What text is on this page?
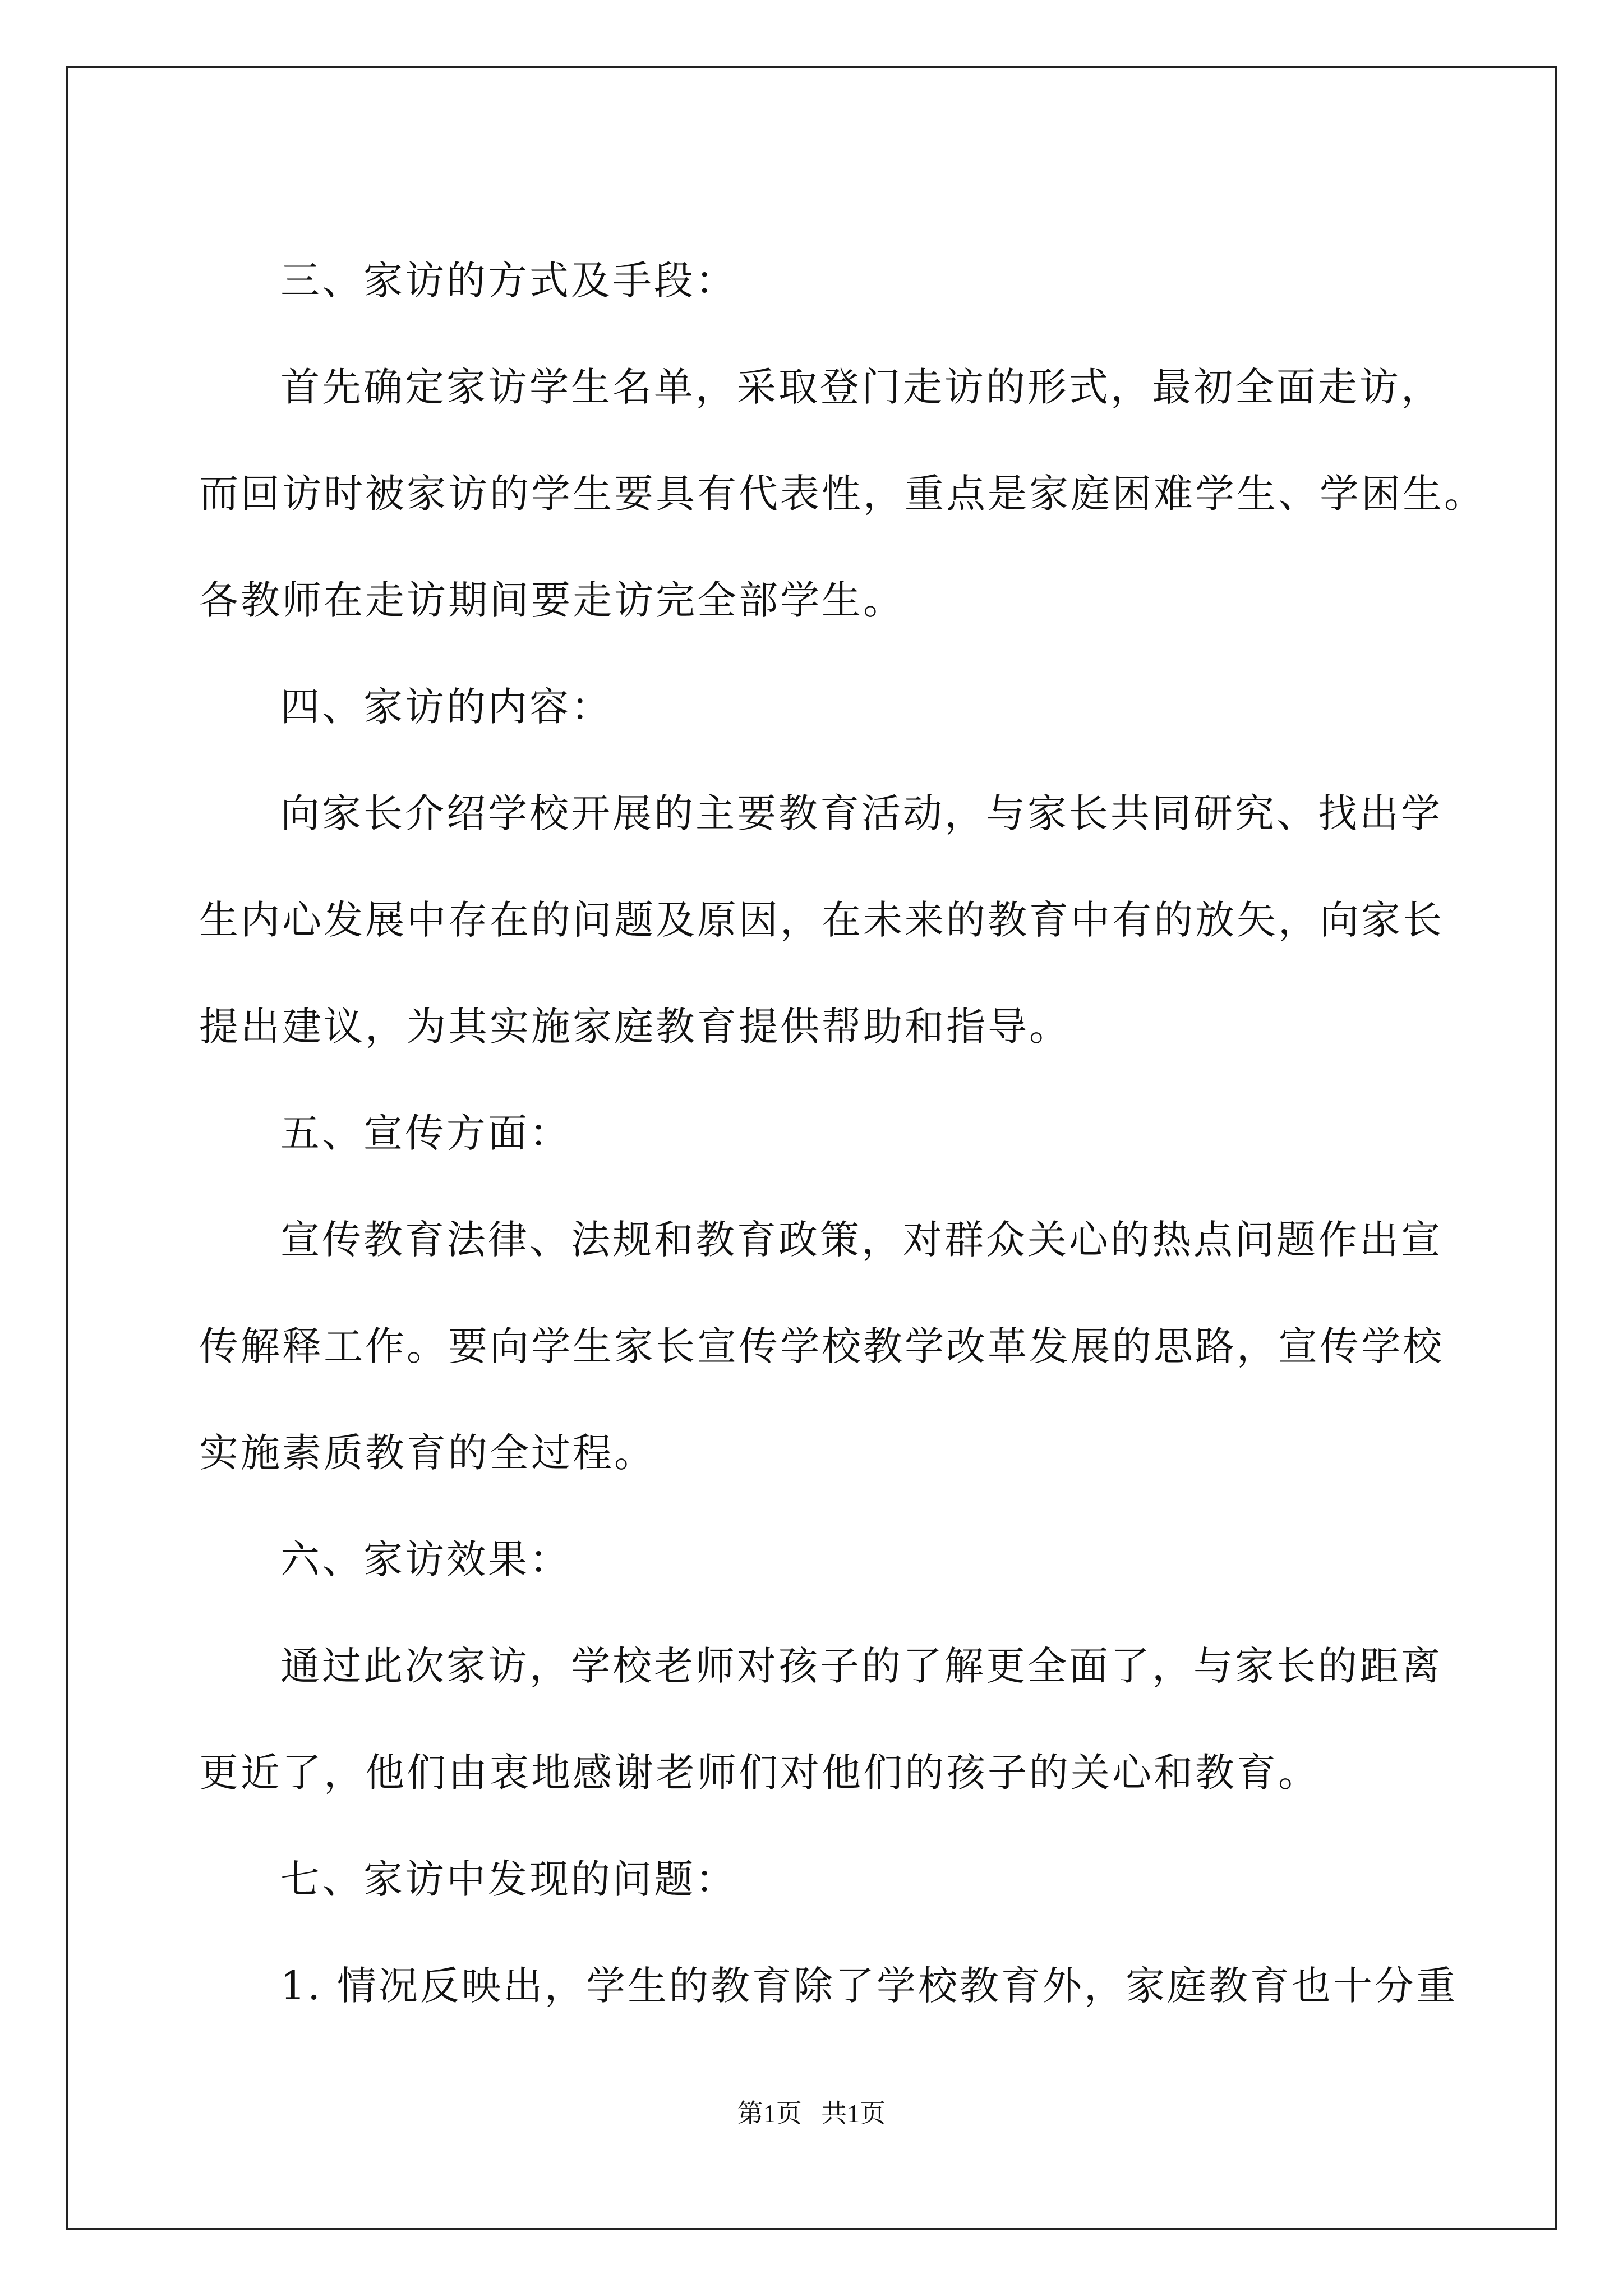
三、家访的方式及手段：
首先确定家访学生名单，采取登门走访的形式，最初全面走访，
而回访时被家访的学生要具有代表性，重点是家庭困难学生、学困生。
各教师在走访期间要走访完全部学生。
四、家访的内容：
向家长介绍学校开展的主要教育活动，与家长共同研究、找出学
生内心发展中存在的问题及原因，在未来的教育中有的放矢，向家长
提出建议，为其实施家庭教育提供帮助和指导。
五、宣传方面：
宣传教育法律、法规和教育政策，对群众关心的热点问题作出宣
传解释工作。要向学生家长宣传学校教学改革发展的思路，宣传学校
实施素质教育的全过程。
六、家访效果：
通过此次家访，学校老师对孩子的了解更全面了，与家长的距离
更近了，他们由衷地感谢老师们对他们的孩子的关心和教育。
七、家访中发现的问题：
1. 情况反映出，学生的教育除了学校教育外，家庭教育也十分重
第1页   共1页
